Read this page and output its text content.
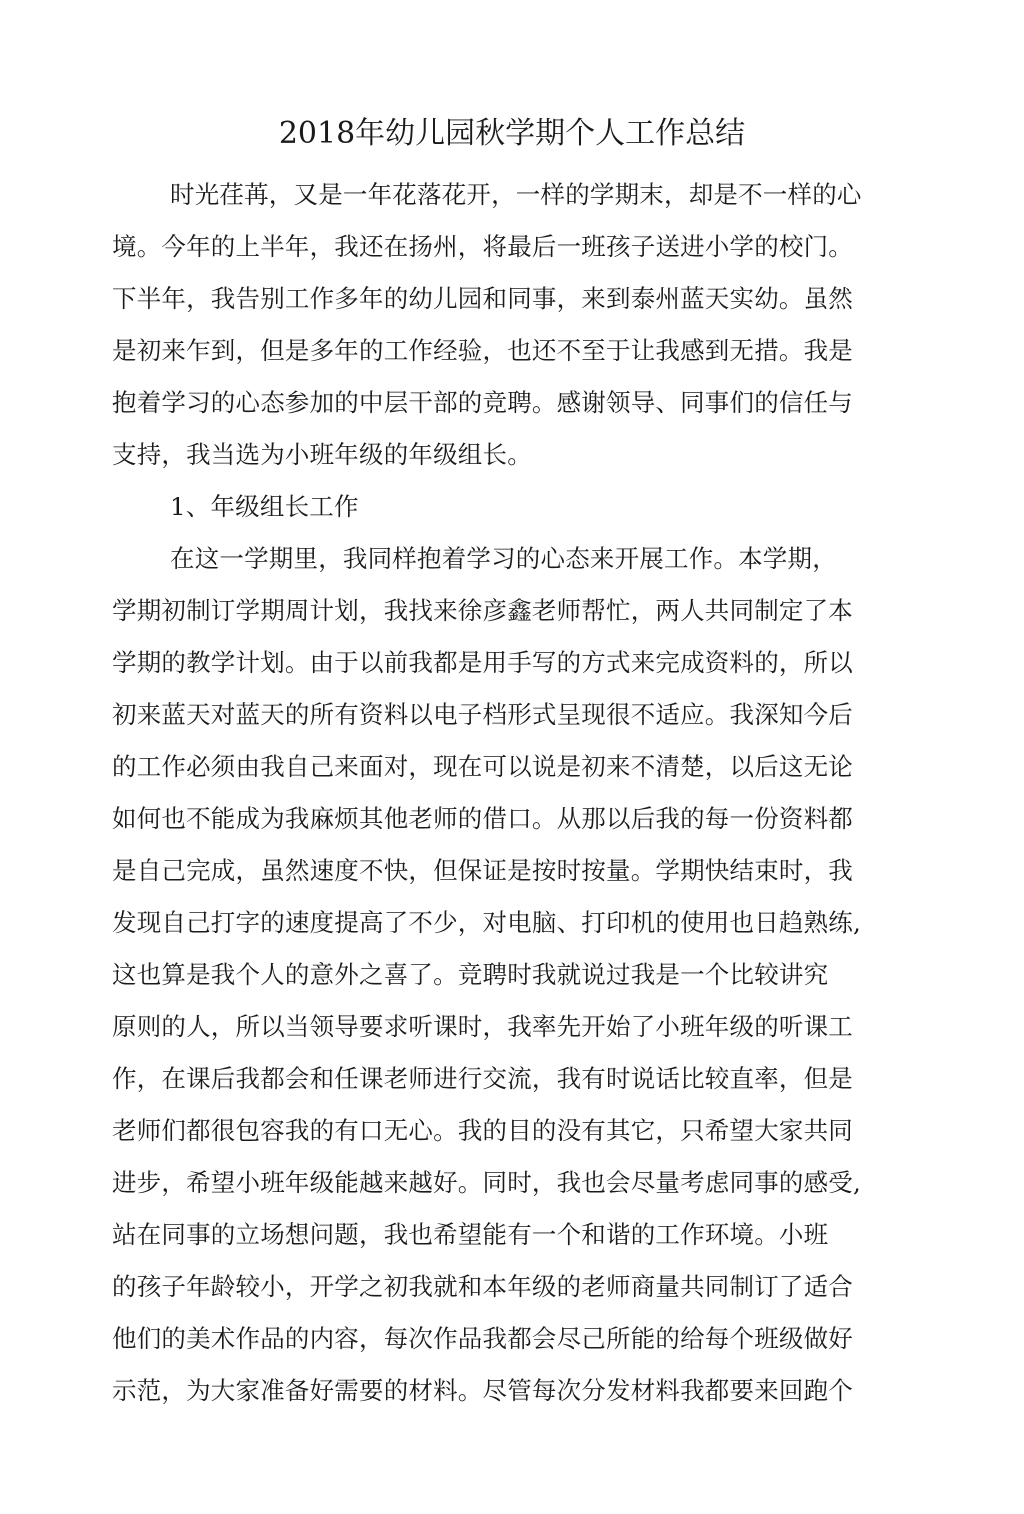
2018年幼儿园秋学期个人工作总结
时光荏苒，又是一年花落花开，一样的学期末，却是不一样的心
境。今年的上半年，我还在扬州，将最后一班孩子送进小学的校门。
下半年，我告别工作多年的幼儿园和同事，来到泰州蓝天实幼。虽然
是初来乍到，但是多年的工作经验，也还不至于让我感到无措。我是
抱着学习的心态参加的中层干部的竞聘。感谢领导、同事们的信任与
支持，我当选为小班年级的年级组长。
1、年级组长工作
在这一学期里，我同样抱着学习的心态来开展工作。本学期，
学期初制订学期周计划，我找来徐彦鑫老师帮忙，两人共同制定了本
学期的教学计划。由于以前我都是用手写的方式来完成资料的，所以
初来蓝天对蓝天的所有资料以电子档形式呈现很不适应。我深知今后
的工作必须由我自己来面对，现在可以说是初来不清楚，以后这无论
如何也不能成为我麻烦其他老师的借口。从那以后我的每一份资料都
是自己完成，虽然速度不快，但保证是按时按量。学期快结束时，我
发现自己打字的速度提高了不少，对电脑、打印机的使用也日趋熟练,
这也算是我个人的意外之喜了。竞聘时我就说过我是一个比较讲究
原则的人，所以当领导要求听课时，我率先开始了小班年级的听课工
作，在课后我都会和任课老师进行交流，我有时说话比较直率，但是
老师们都很包容我的有口无心。我的目的没有其它，只希望大家共同
进步，希望小班年级能越来越好。同时，我也会尽量考虑同事的感受,
站在同事的立场想问题，我也希望能有一个和谐的工作环境。小班
的孩子年龄较小，开学之初我就和本年级的老师商量共同制订了适合
他们的美术作品的内容，每次作品我都会尽己所能的给每个班级做好
示范，为大家准备好需要的材料。尽管每次分发材料我都要来回跑个
